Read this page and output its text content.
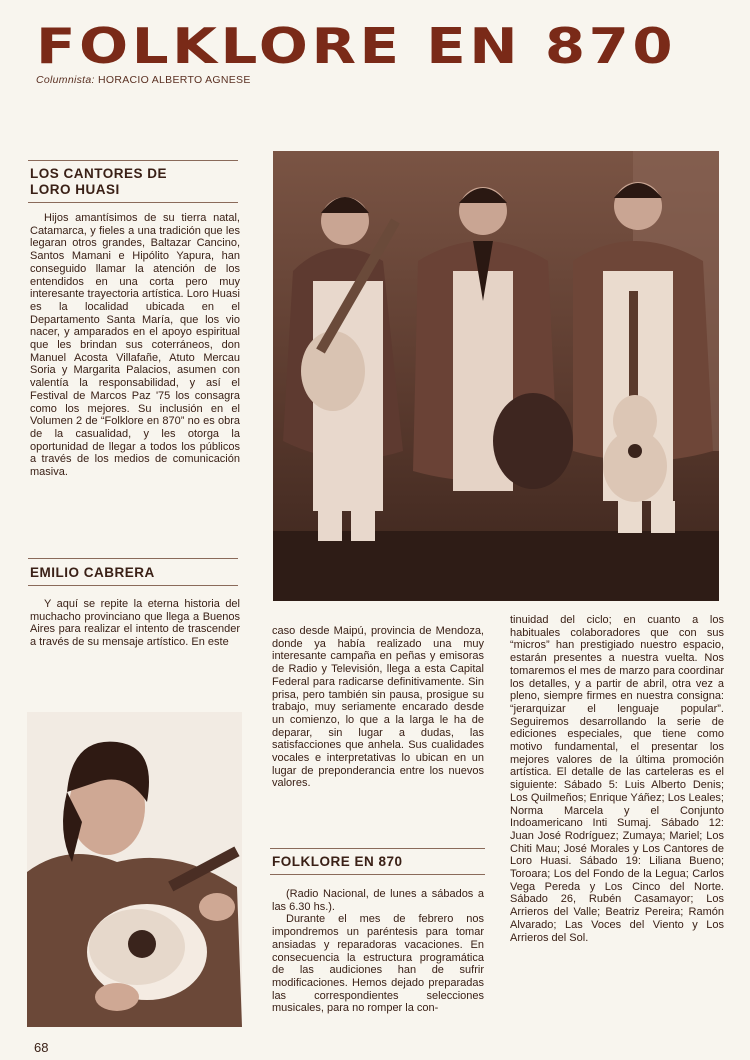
FOLKLORE EN 870
Columnista: HORACIO ALBERTO AGNESE
LOS CANTORES DE
LORO HUASI

Hijos amantísimos de su tierra natal, Catamarca, y fieles a una tradición que les legaran otros grandes, Baltazar Cancino, Santos Mamani e Hipólito Yapura, han conseguido llamar la atención de los entendidos en una corta pero muy interesante trayectoria artística. Loro Huasi es la localidad ubicada en el Departamento Santa María, que los vio nacer, y amparados en el apoyo espiritual que les brindan sus coterráneos, don Manuel Acosta Villafañe, Atuto Mercau Soria y Margarita Palacios, asumen con valentía la responsabilidad, y así el Festival de Marcos Paz '75 los consagra como los mejores. Su inclusión en el Volumen 2 de “Folklore en 870” no es obra de la casualidad, y les otorga la oportunidad de llegar a todos los públicos a través de los medios de comunicación masiva.

EMILIO CABRERA

Y aquí se repite la eterna historia del muchacho provinciano que llega a Buenos Aires para realizar el intento de trascender a través de su mensaje artístico. En este

caso desde Maipú, provincia de Mendoza, donde ya había realizado una muy interesante campaña en peñas y emisoras de Radio y Televisión, llega a esta Capital Federal para radicarse definitivamente. Sin prisa, pero también sin pausa, prosigue su trabajo, muy seriamente encarado desde un comienzo, lo que a la larga le ha de deparar, sin lugar a dudas, las satisfacciones que anhela. Sus cualidades vocales e interpretativas lo ubican en un lugar de preponderancia entre los nuevos valores.

FOLKLORE EN 870

(Radio Nacional, de lunes a sábados a las 6.30 hs.).

Durante el mes de febrero nos impondremos un paréntesis para tomar ansiadas y reparadoras vacaciones. En consecuencia la estructura programática de las audiciones han de sufrir modificaciones. Hemos dejado preparadas las correspondientes selecciones musicales, para no romper la con-

tinuidad del ciclo; en cuanto a los habituales colaboradores que con sus “micros” han prestigiado nuestro espacio, estarán presentes a nuestra vuelta. Nos tomaremos el mes de marzo para coordinar los detalles, y a partir de abril, otra vez a pleno, siempre firmes en nuestra consigna: “jerarquizar el lenguaje popular”. Seguiremos desarrollando la serie de ediciones especiales, que tiene como motivo fundamental, el presentar los mejores valores de la última promoción artística. El detalle de las carteleras es el siguiente: Sábado 5: Luis Alberto Denis; Los Quilmeños; Enrique Yáñez; Los Leales; Norma Marcela y el Conjunto Indoamericano Inti Sumaj. Sábado 12: Juan José Rodríguez; Zumaya; Mariel; Los Chiti Mau; José Morales y Los Cantores de Loro Huasi. Sábado 19: Liliana Bueno; Toroara; Los del Fondo de la Legua; Carlos Vega Pereda y Los Cinco del Norte. Sábado 26, Rubén Casamayor; Los Arrieros del Valle; Beatriz Pereira; Ramón Alvarado; Las Voces del Viento y Los Arrieros del Sol.

68
